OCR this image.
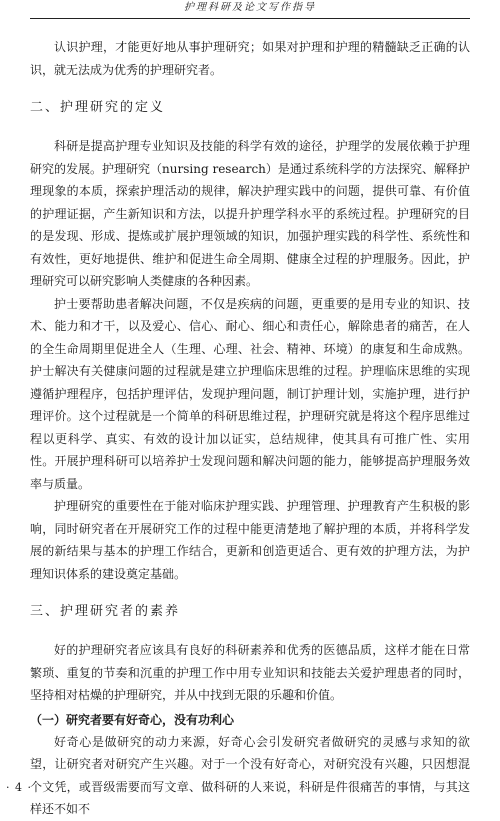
护理科研及论文写作指导

认识护理，才能更好地从事护理研究；如果对护理和护理的精髓缺乏正确的认识，就无法成为优秀的护理研究者。

二、护理研究的定义

科研是提高护理专业知识及技能的科学有效的途径，护理学的发展依赖于护理研究的发展。护理研究（nursing research）是通过系统科学的方法探究、解释护理现象的本质，探索护理活动的规律，解决护理实践中的问题，提供可靠、有价值的护理证据，产生新知识和方法，以提升护理学科水平的系统过程。护理研究的目的是发现、形成、提炼或扩展护理领域的知识，加强护理实践的科学性、系统性和有效性，更好地提供、维护和促进生命全周期、健康全过程的护理服务。因此，护理研究可以研究影响人类健康的各种因素。

护士要帮助患者解决问题，不仅是疾病的问题，更重要的是用专业的知识、技术、能力和才干，以及爱心、信心、耐心、细心和责任心，解除患者的痛苦，在人的全生命周期里促进全人（生理、心理、社会、精神、环境）的康复和生命成熟。护士解决有关健康问题的过程就是建立护理临床思维的过程。护理临床思维的实现遵循护理程序，包括护理评估，发现护理问题，制订护理计划，实施护理，进行护理评价。这个过程就是一个简单的科研思维过程，护理研究就是将这个程序思维过程以更科学、真实、有效的设计加以证实，总结规律，使其具有可推广性、实用性。开展护理科研可以培养护士发现问题和解决问题的能力，能够提高护理服务效率与质量。

护理研究的重要性在于能对临床护理实践、护理管理、护理教育产生积极的影响，同时研究者在开展研究工作的过程中能更清楚地了解护理的本质，并将科学发展的新结果与基本的护理工作结合，更新和创造更适合、更有效的护理方法，为护理知识体系的建设奠定基础。

三、护理研究者的素养

好的护理研究者应该具有良好的科研素养和优秀的医德品质，这样才能在日常繁琐、重复的节奏和沉重的护理工作中用专业知识和技能去关爱护理患者的同时，坚持相对枯燥的护理研究，并从中找到无限的乐趣和价值。

（一）研究者要有好奇心，没有功利心

好奇心是做研究的动力来源，好奇心会引发研究者做研究的灵感与求知的欲望，让研究者对研究产生兴趣。对于一个没有好奇心，对研究没有兴趣，只因想混个文凭，或晋级需要而写文章、做科研的人来说，科研是件很痛苦的事情，与其这样还不如不

· 4 ·
